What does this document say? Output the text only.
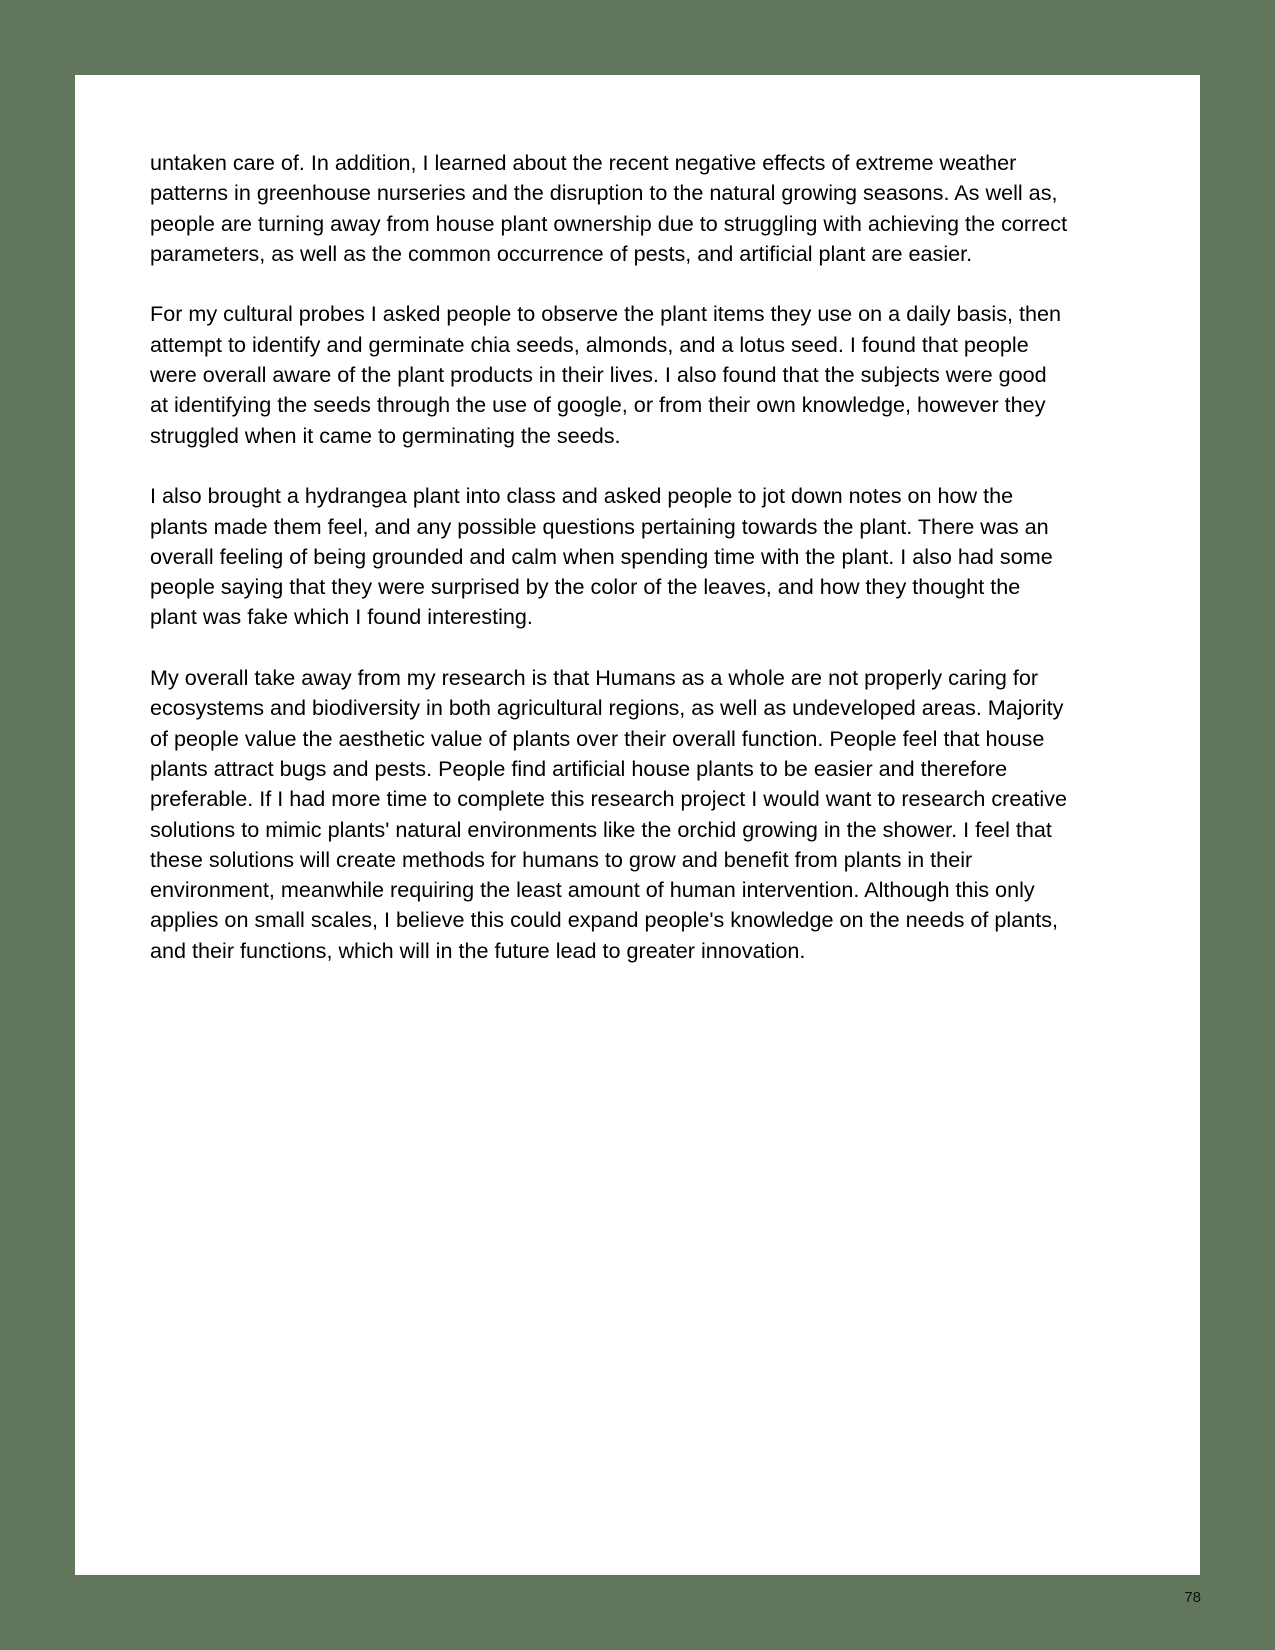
untaken care of. In addition, I learned about the recent negative effects of extreme weather
patterns in greenhouse nurseries and the disruption to the natural growing seasons. As well as,
people are turning away from house plant ownership due to struggling with achieving the correct
parameters, as well as the common occurrence of pests, and artificial plant are easier.

For my cultural probes I asked people to observe the plant items they use on a daily basis, then
attempt to identify and germinate chia seeds, almonds, and a lotus seed. I found that people
were overall aware of the plant products in their lives. I also found that the subjects were good
at identifying the seeds through the use of google, or from their own knowledge, however they
struggled when it came to germinating the seeds.

I also brought a hydrangea plant into class and asked people to jot down notes on how the
plants made them feel, and any possible questions pertaining towards the plant. There was an
overall feeling of being grounded and calm when spending time with the plant. I also had some
people saying that they were surprised by the color of the leaves, and how they thought the
plant was fake which I found interesting.

My overall take away from my research is that Humans as a whole are not properly caring for
ecosystems and biodiversity in both agricultural regions, as well as undeveloped areas. Majority
of people value the aesthetic value of plants over their overall function. People feel that house
plants attract bugs and pests. People find artificial house plants to be easier and therefore
preferable. If I had more time to complete this research project I would want to research creative
solutions to mimic plants' natural environments like the orchid growing in the shower. I feel that
these solutions will create methods for humans to grow and benefit from plants in their
environment, meanwhile requiring the least amount of human intervention. Although this only
applies on small scales, I believe this could expand people's knowledge on the needs of plants,
and their functions, which will in the future lead to greater innovation.

78
